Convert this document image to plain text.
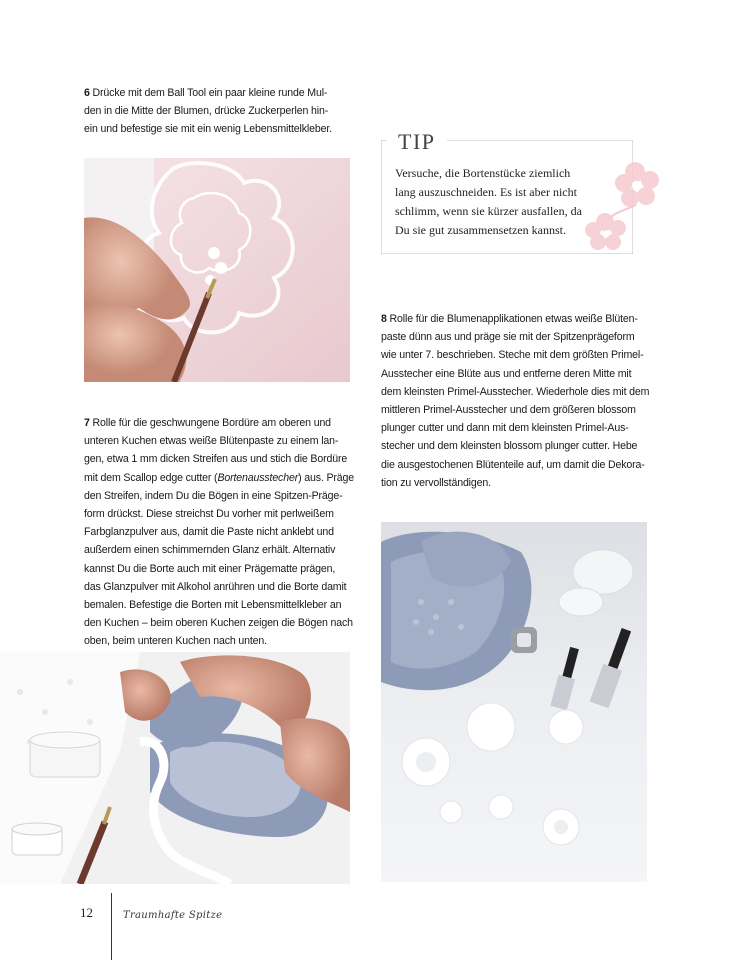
6 Drücke mit dem Ball Tool ein paar kleine runde Mul-
den in die Mitte der Blumen, drücke Zuckerperlen hin-
ein und befestige sie mit ein wenig Lebensmittelkleber.	TIP

Versuche, die Bortenstücke ziemlich
lang auszuschneiden. Es ist aber nicht
schlimm, wenn sie kürzer ausfallen, da
Du sie gut zusammensetzen kannst.

8 Rolle für die Blumenapplikationen etwas weiße Blüten-
paste dünn aus und präge sie mit der Spitzenprägeform
wie unter 7. beschrieben. Steche mit dem größten Primel-
Ausstecher eine Blüte aus und entferne deren Mitte mit
dem kleinsten Primel-Ausstecher. Wiederhole dies mit dem
mittleren Primel-Ausstecher und dem größeren blossom
plunger cutter und dann mit dem kleinsten Primel-Aus-
stecher und dem kleinsten blossom plunger cutter. Hebe
die ausgestochenen Blütenteile auf, um damit die Dekora-
tion zu vervollständigen.

7 Rolle für die geschwungene Bordüre am oberen und
unteren Kuchen etwas weiße Blütenpaste zu einem lan-
gen, etwa 1 mm dicken Streifen aus und stich die Bordüre
mit dem Scallop edge cutter (Bortenausstecher) aus. Präge
den Streifen, indem Du die Bögen in eine Spitzen-Präge-
form drückst. Diese streichst Du vorher mit perlweißem
Farbglanzpulver aus, damit die Paste nicht anklebt und
außerdem einen schimmernden Glanz erhält. Alternativ
kannst Du die Borte auch mit einer Prägematte prägen,
das Glanzpulver mit Alkohol anrühren und die Borte damit
bemalen. Befestige die Borten mit Lebensmittelkleber an
den Kuchen – beim oberen Kuchen zeigen die Bögen nach
oben, beim unteren Kuchen nach unten.

12	Traumhafte Spitze
